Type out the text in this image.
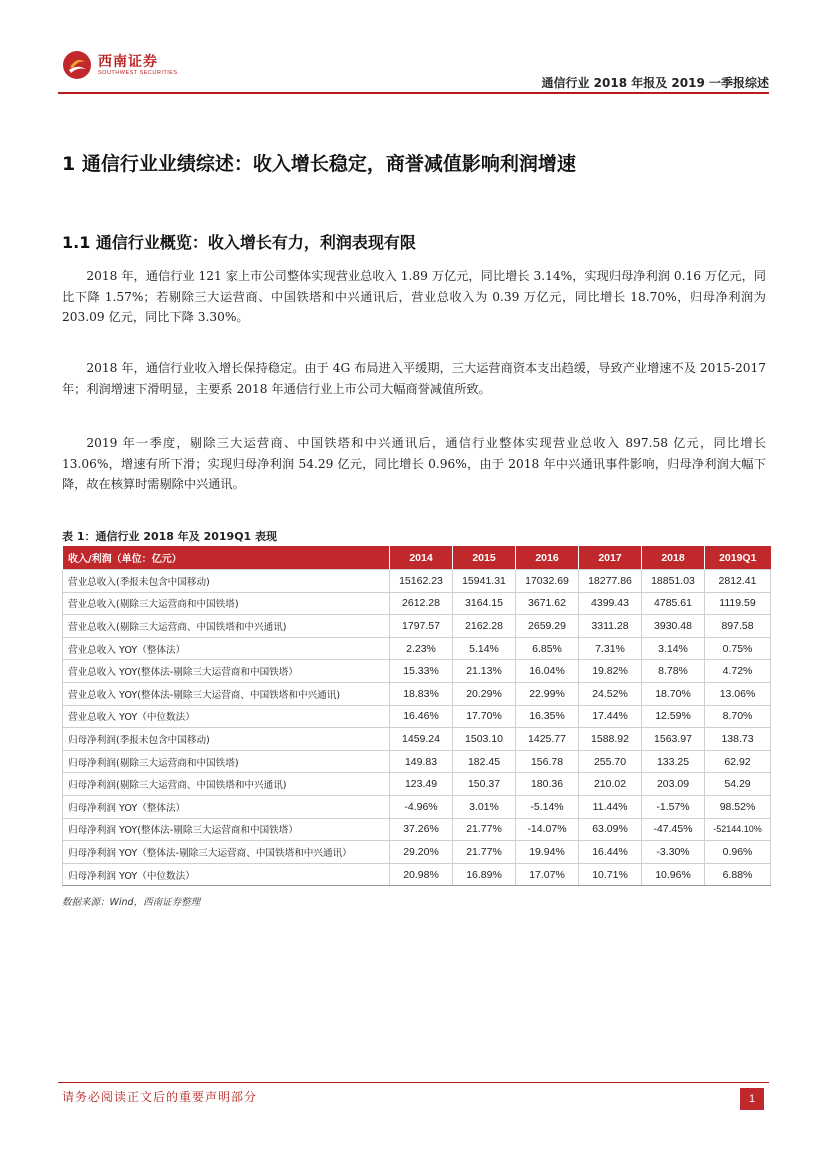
西南证券
SOUTHWEST SECURITIES
通信行业 2018 年报及 2019 一季报综述
1 通信行业业绩综述：收入增长稳定，商誉减值影响利润增速
1.1 通信行业概览：收入增长有力，利润表现有限
2018 年，通信行业 121 家上市公司整体实现营业总收入 1.89 万亿元，同比增长 3.14%，实现归母净利润 0.16 万亿元，同比下降 1.57%；若剔除三大运营商、中国铁塔和中兴通讯后，营业总收入为 0.39 万亿元，同比增长 18.70%，归母净利润为 203.09 亿元，同比下降 3.30%。
2018 年，通信行业收入增长保持稳定。由于 4G 布局进入平缓期，三大运营商资本支出趋缓，导致产业增速不及 2015-2017 年；利润增速下滑明显，主要系 2018 年通信行业上市公司大幅商誉减值所致。
2019 年一季度，剔除三大运营商、中国铁塔和中兴通讯后，通信行业整体实现营业总收入 897.58 亿元，同比增长 13.06%，增速有所下滑；实现归母净利润 54.29 亿元，同比增长 0.96%，由于 2018 年中兴通讯事件影响，归母净利润大幅下降，故在核算时需剔除中兴通讯。
表 1：通信行业 2018 年及 2019Q1 表现
收入/利润（单位：亿元）	2014	2015	2016	2017	2018	2019Q1
营业总收入(季报未包含中国移动)	15162.23	15941.31	17032.69	18277.86	18851.03	2812.41
营业总收入(剔除三大运营商和中国铁塔)	2612.28	3164.15	3671.62	4399.43	4785.61	1119.59
营业总收入(剔除三大运营商、中国铁塔和中兴通讯)	1797.57	2162.28	2659.29	3311.28	3930.48	897.58
营业总收入 YOY（整体法）	2.23%	5.14%	6.85%	7.31%	3.14%	0.75%
营业总收入 YOY(整体法-剔除三大运营商和中国铁塔）	15.33%	21.13%	16.04%	19.82%	8.78%	4.72%
营业总收入 YOY(整体法-剔除三大运营商、中国铁塔和中兴通讯)	18.83%	20.29%	22.99%	24.52%	18.70%	13.06%
营业总收入 YOY（中位数法）	16.46%	17.70%	16.35%	17.44%	12.59%	8.70%
归母净利润(季报未包含中国移动)	1459.24	1503.10	1425.77	1588.92	1563.97	138.73
归母净利润(剔除三大运营商和中国铁塔)	149.83	182.45	156.78	255.70	133.25	62.92
归母净利润(剔除三大运营商、中国铁塔和中兴通讯)	123.49	150.37	180.36	210.02	203.09	54.29
归母净利润 YOY（整体法）	-4.96%	3.01%	-5.14%	11.44%	-1.57%	98.52%
归母净利润 YOY(整体法-剔除三大运营商和中国铁塔）	37.26%	21.77%	-14.07%	63.09%	-47.45%	-52144.10%
归母净利润 YOY（整体法-剔除三大运营商、中国铁塔和中兴通讯）	29.20%	21.77%	19.94%	16.44%	-3.30%	0.96%
归母净利润 YOY（中位数法）	20.98%	16.89%	17.07%	10.71%	10.96%	6.88%
数据来源：Wind，西南证券整理
请务必阅读正文后的重要声明部分	1
